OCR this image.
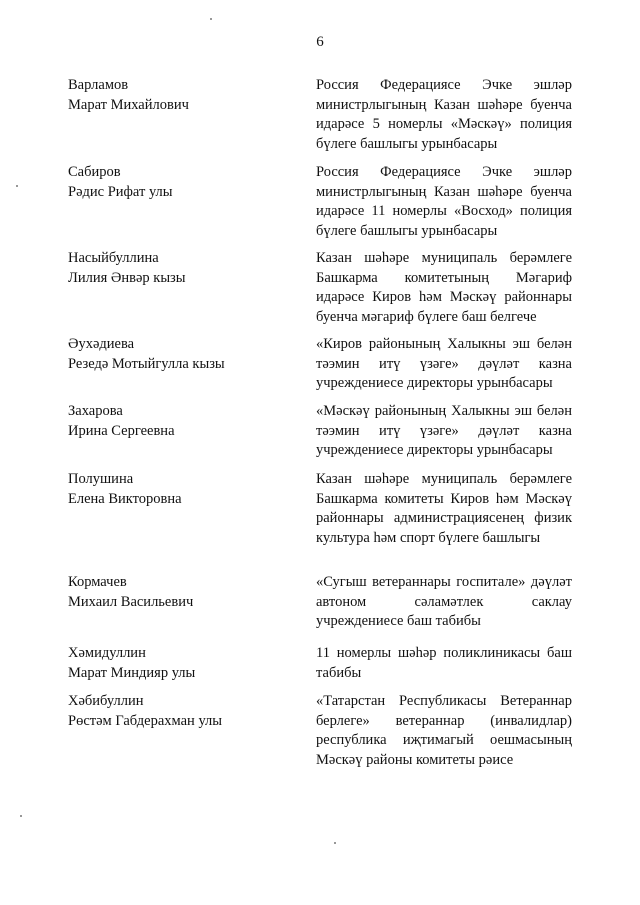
6
Варламов
Марат Михайлович
Россия Федерациясе Эчке эшләр министрлыгының Казан шәһәре буенча идарәсе 5 номерлы «Мәскәү» полиция бүлеге башлыгы урынбасары
Сабиров
Рәдис Рифат улы
Россия Федерациясе Эчке эшләр министрлыгының Казан шәһәре буенча идарәсе 11 номерлы «Восход» полиция бүлеге башлыгы урынбасары
Насыйбуллина
Лилия Әнвәр кызы
Казан шәһәре муниципаль берәмлеге Башкарма комитетының Мәгариф идарәсе Киров һәм Мәскәү районнары буенча мәгариф бүлеге баш белгече
Әухәдиева
Резедә Мотыйгулла кызы
«Киров районының Халыкны эш белән тәэмин итү үзәге» дәүләт казна учреждениесе директоры урынбасары
Захарова
Ирина Сергеевна
«Мәскәү районының Халыкны эш белән тәэмин итү үзәге» дәүләт казна учреждениесе директоры урынбасары
Полушина
Елена Викторовна
Казан шәһәре муниципаль берәмлеге Башкарма комитеты Киров һәм Мәскәү районнары администрациясенең физик культура һәм спорт бүлеге башлыгы
Кормачев
Михаил Васильевич
«Сугыш ветераннары госпитале» дәүләт автоном сәламәтлек саклау учреждениесе баш табибы
Хәмидуллин
Марат Миндияр улы
11 номерлы шәһәр поликлиникасы баш табибы
Хәбибуллин
Рөстәм Габдерахман улы
«Татарстан Республикасы Ветераннар берлеге» ветераннар (инвалидлар) республика иҗтимагый оешмасының Мәскәү районы комитеты рәисе
